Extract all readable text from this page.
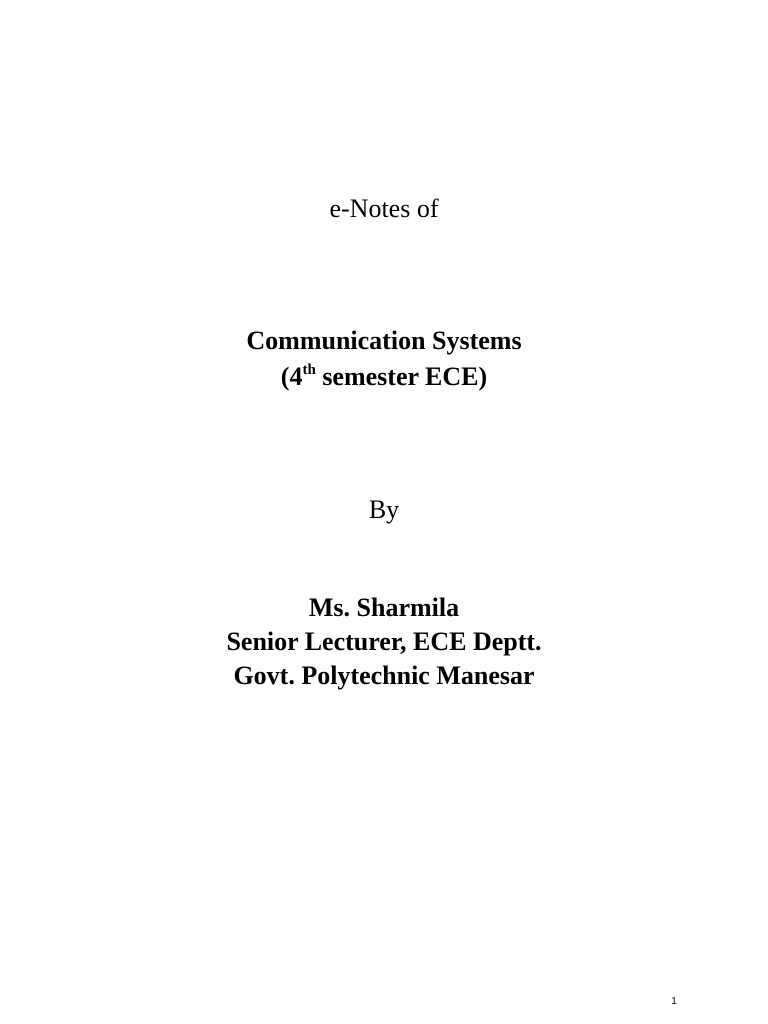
e-Notes of
Communication Systems
(4th semester ECE)
By
Ms. Sharmila
Senior Lecturer, ECE Deptt.
Govt. Polytechnic Manesar
1
